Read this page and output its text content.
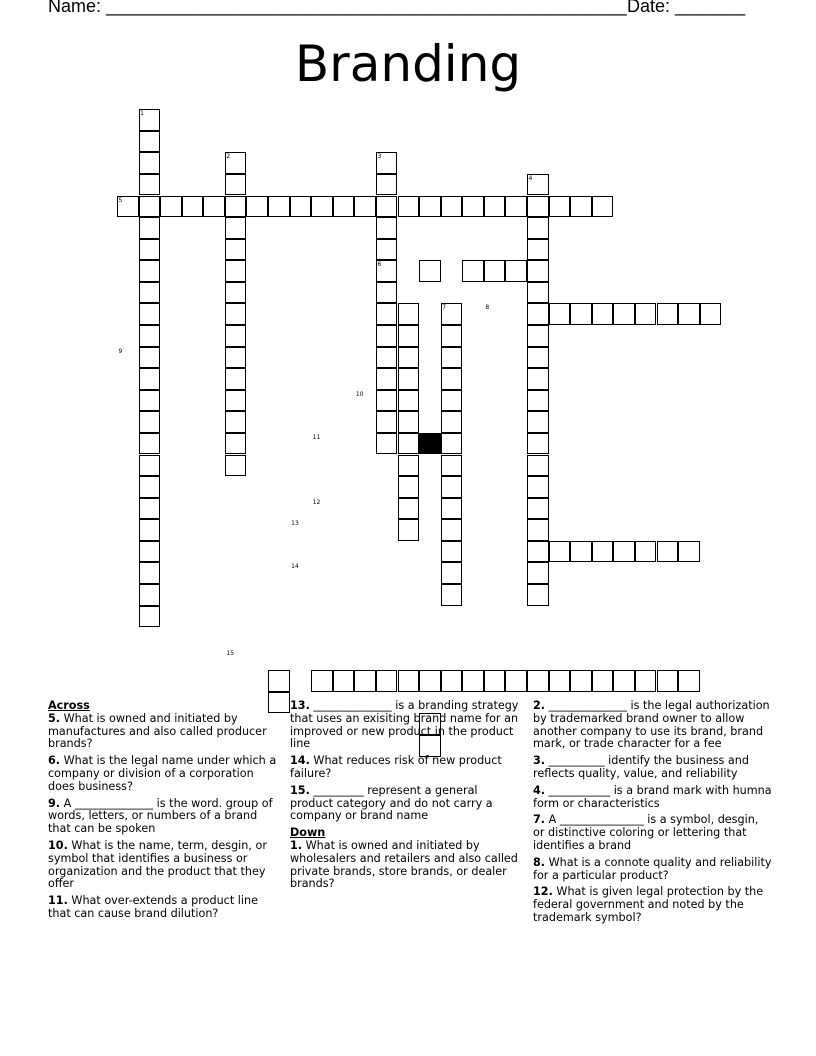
Name: ____________________________________________________ Date: _______
Branding
1
2	3
4
5
6
7	8
9
10
11
12
13
14
15
Across
5. What is owned and initiated by manufactures and also called producer brands?
6. What is the legal name under which a company or division of a corporation does business?
9. A ______________ is the word. group of words, letters, or numbers of a brand that can be spoken
10. What is the name, term, desgin, or symbol that identifies a business or organization and the product that they offer
11. What over-extends a product line that can cause brand dilution?
13. ______________ is a branding strategy that uses an exisiting brand name for an improved or new product in the product line
14. What reduces risk of new product failure?
15. _________ represent a general product category and do not carry a company or brand name
Down
1. What is owned and initiated by wholesalers and retailers and also called private brands, store brands, or dealer brands?
2. ______________ is the legal authorization by trademarked brand owner to allow another company to use its brand, brand mark, or trade character for a fee
3. __________ identify the business and reflects quality, value, and reliability
4. ___________ is a brand mark with humna form or characteristics
7. A _______________ is a symbol, desgin, or distinctive coloring or lettering that identifies a brand
8. What is a connote quality and reliability for a particular product?
12. What is given legal protection by the federal government and noted by the trademark symbol?
